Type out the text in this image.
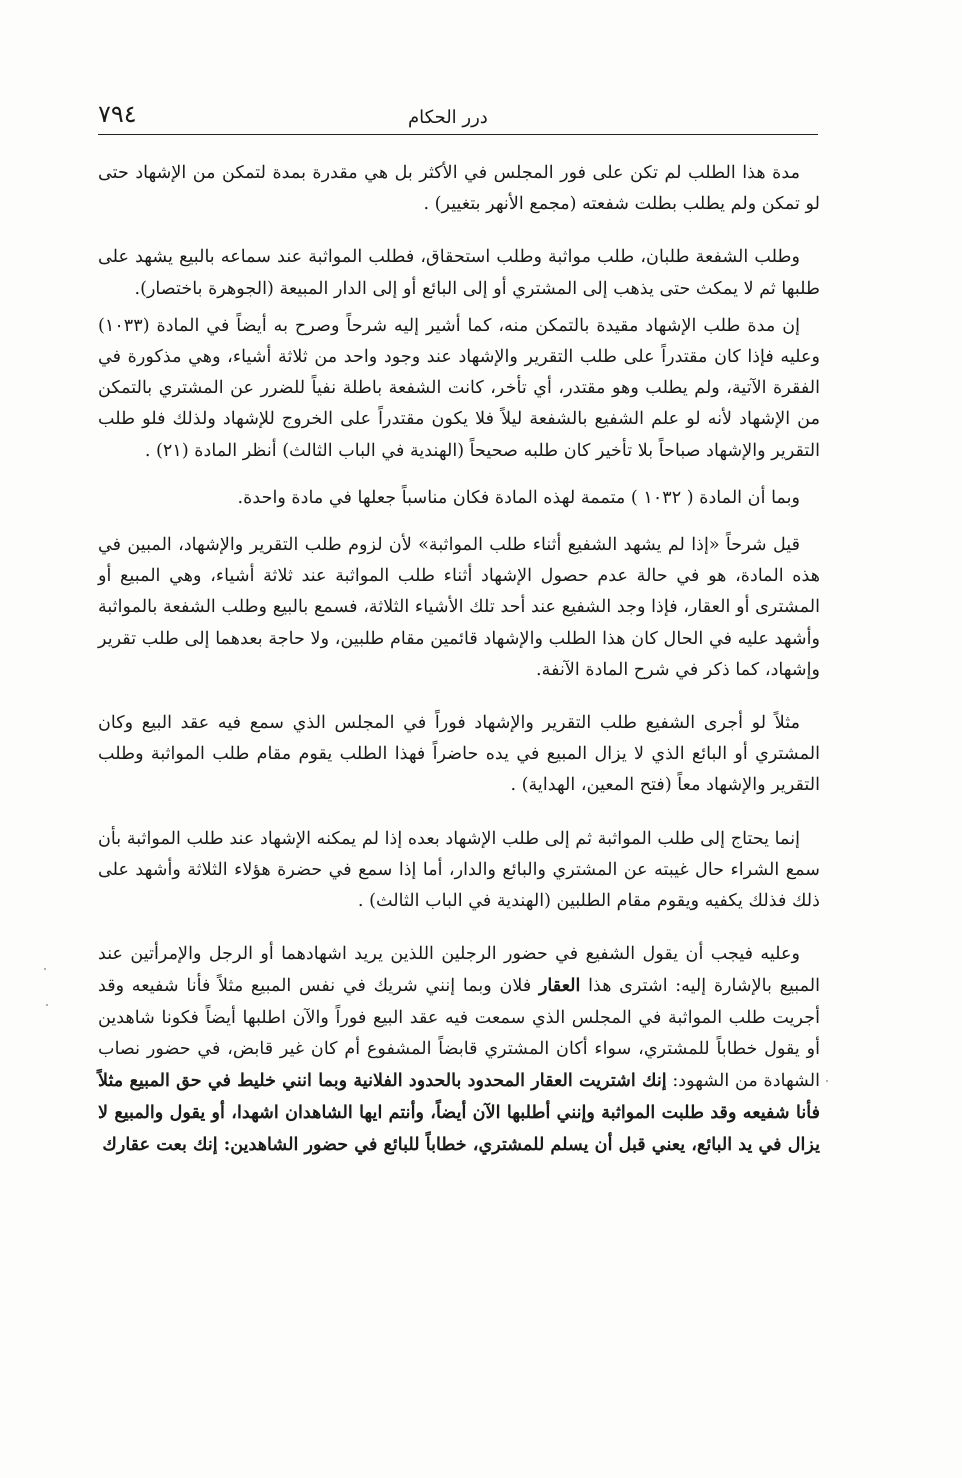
٧٩٤	درر الحكام

مدة هذا الطلب لم تكن على فور المجلس في الأكثر بل هي مقدرة بمدة لتمكن من الإشهاد حتى لو تمكن ولم يطلب بطلت شفعته (مجمع الأنهر بتغيير) .

وطلب الشفعة طلبان، طلب مواثبة وطلب استحقاق، فطلب المواثبة عند سماعه بالبيع يشهد على طلبها ثم لا يمكث حتى يذهب إلى المشتري أو إلى البائع أو إلى الدار المبيعة (الجوهرة باختصار).

إن مدة طلب الإشهاد مقيدة بالتمكن منه، كما أشير إليه شرحاً وصرح به أيضاً في المادة (١٠٣٣) وعليه فإذا كان مقتدراً على طلب التقرير والإشهاد عند وجود واحد من ثلاثة أشياء، وهي مذكورة في الفقرة الآتية، ولم يطلب وهو مقتدر، أي تأخر، كانت الشفعة باطلة نفياً للضرر عن المشتري بالتمكن من الإشهاد لأنه لو علم الشفيع بالشفعة ليلاً فلا يكون مقتدراً على الخروج للإشهاد ولذلك فلو طلب التقرير والإشهاد صباحاً بلا تأخير كان طلبه صحيحاً (الهندية في الباب الثالث) أنظر المادة (٢١) .

وبما أن المادة ( ١٠٣٢ ) متممة لهذه المادة فكان مناسباً جعلها في مادة واحدة.

قيل شرحاً «إذا لم يشهد الشفيع أثناء طلب المواثبة» لأن لزوم طلب التقرير والإشهاد، المبين في هذه المادة، هو في حالة عدم حصول الإشهاد أثناء طلب المواثبة عند ثلاثة أشياء، وهي المبيع أو المشترى أو العقار، فإذا وجد الشفيع عند أحد تلك الأشياء الثلاثة، فسمع بالبيع وطلب الشفعة بالمواثبة وأشهد عليه في الحال كان هذا الطلب والإشهاد قائمين مقام طلبين، ولا حاجة بعدهما إلى طلب تقرير وإشهاد، كما ذكر في شرح المادة الآنفة.

مثلاً لو أجرى الشفيع طلب التقرير والإشهاد فوراً في المجلس الذي سمع فيه عقد البيع وكان المشتري أو البائع الذي لا يزال المبيع في يده حاضراً فهذا الطلب يقوم مقام طلب المواثبة وطلب التقرير والإشهاد معاً (فتح المعين، الهداية) .

إنما يحتاج إلى طلب المواثبة ثم إلى طلب الإشهاد بعده إذا لم يمكنه الإشهاد عند طلب المواثبة بأن سمع الشراء حال غيبته عن المشتري والبائع والدار، أما إذا سمع في حضرة هؤلاء الثلاثة وأشهد على ذلك فذلك يكفيه ويقوم مقام الطلبين (الهندية في الباب الثالث) .

وعليه فيجب أن يقول الشفيع في حضور الرجلين اللذين يريد اشهادهما أو الرجل والإمرأتين عند المبيع بالإشارة إليه: اشترى هذا العقار فلان وبما إنني شريك في نفس المبيع مثلاً فأنا شفيعه وقد أجريت طلب المواثبة في المجلس الذي سمعت فيه عقد البيع فوراً والآن اطلبها أيضاً فكونا شاهدين أو يقول خطاباً للمشتري، سواء أكان المشتري قابضاً المشفوع أم كان غير قابض، في حضور نصاب الشهادة من الشهود: إنك اشتريت العقار المحدود بالحدود الفلانية وبما انني خليط في حق المبيع مثلاً فأنا شفيعه وقد طلبت المواثبة وإنني أطلبها الآن أيضاً، وأنتم ايها الشاهدان اشهدا، أو يقول والمبيع لا يزال في يد البائع، يعني قبل أن يسلم للمشتري، خطاباً للبائع في حضور الشاهدين: إنك بعت عقارك
